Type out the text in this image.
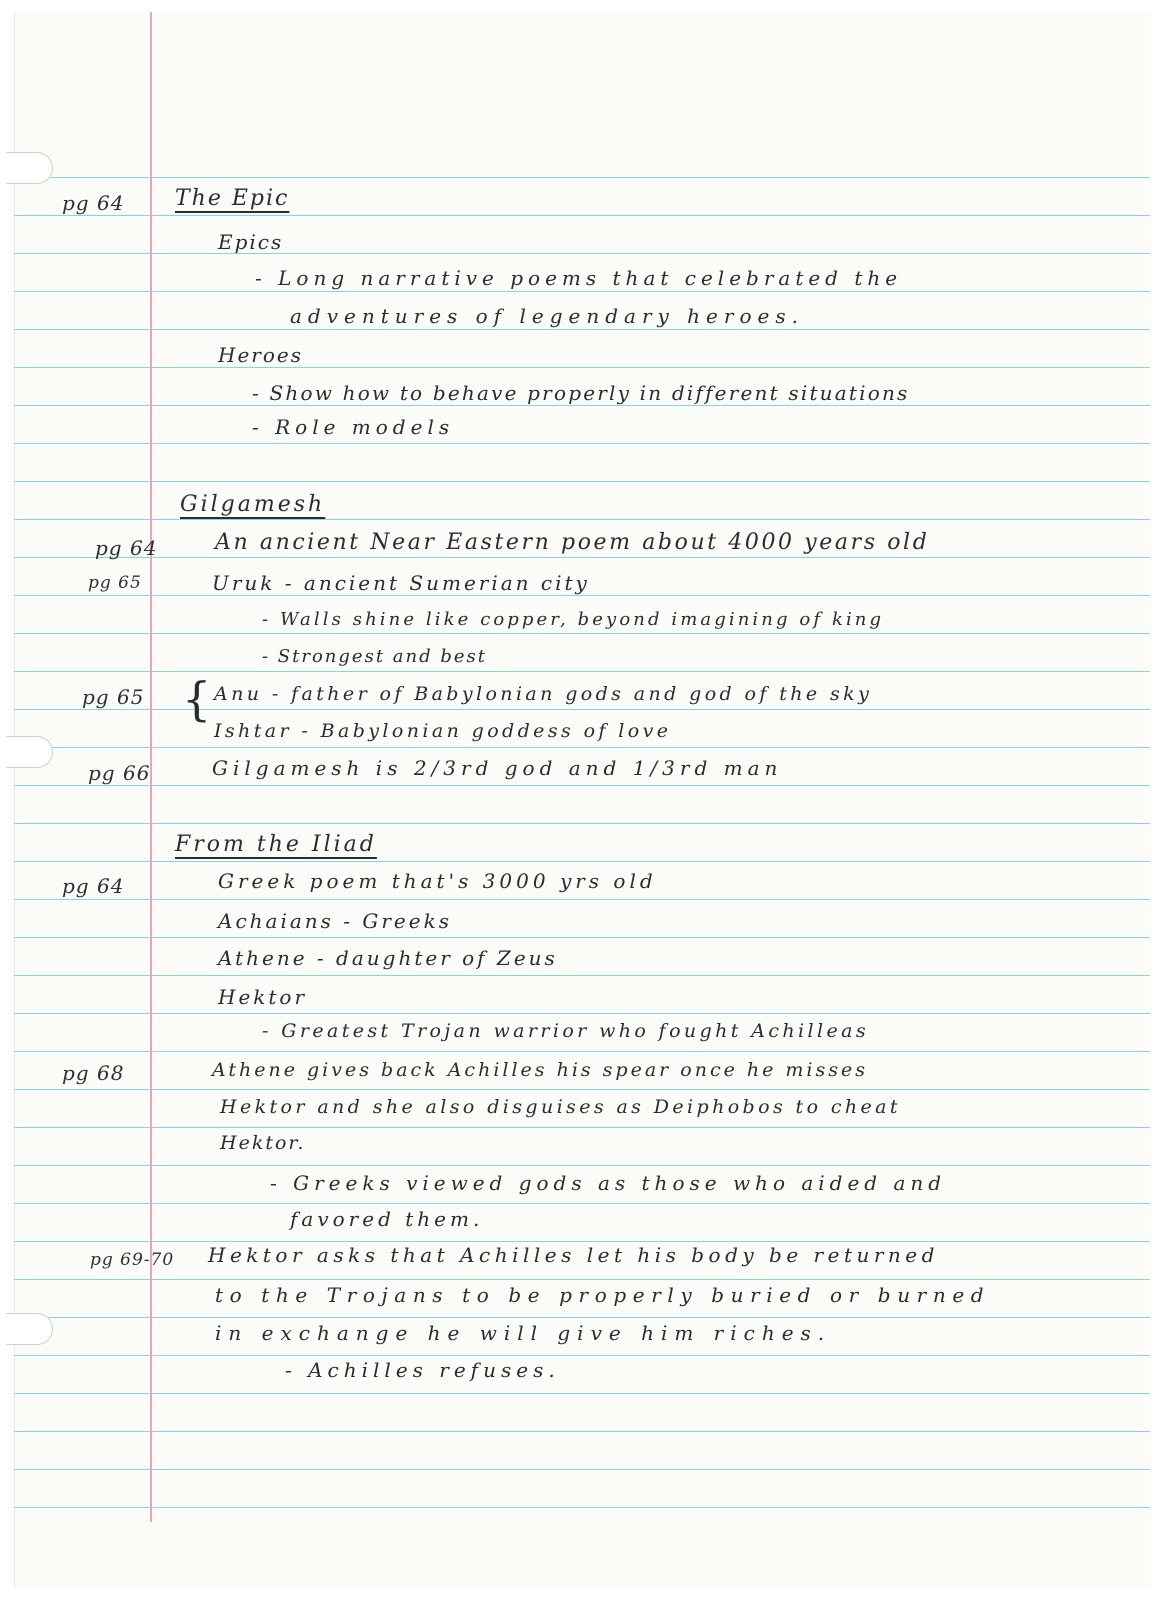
pg 64 The Epic
Epics
- Long narrative poems that celebrated the
adventures of legendary heroes.
Heroes
- Show how to behave properly in different situations
- Role models
Gilgamesh
pg 64	An ancient Near Eastern poem about 4000 years old
pg 65	Uruk - ancient Sumerian city
- Walls shine like copper, beyond imagining of king
- Strongest and best
pg 65 { Anu - father of Babylonian gods and god of the sky
Ishtar - Babylonian goddess of love
pg 66	Gilgamesh is 2/3rd god and 1/3rd man
From the Iliad
pg 64	Greek poem that's 3000 yrs old
Achaians - Greeks
Athene - daughter of Zeus
Hektor
- Greatest Trojan warrior who fought Achilleas
pg 68	Athene gives back Achilles his spear once he misses
Hektor and she also disguises as Deiphobos to cheat
Hektor.
- Greeks viewed gods as those who aided and
favored them.
pg 69-70 Hektor asks that Achilles let his body be returned
to the Trojans to be properly buried or burned
in exchange he will give him riches.
- Achilles refuses.
